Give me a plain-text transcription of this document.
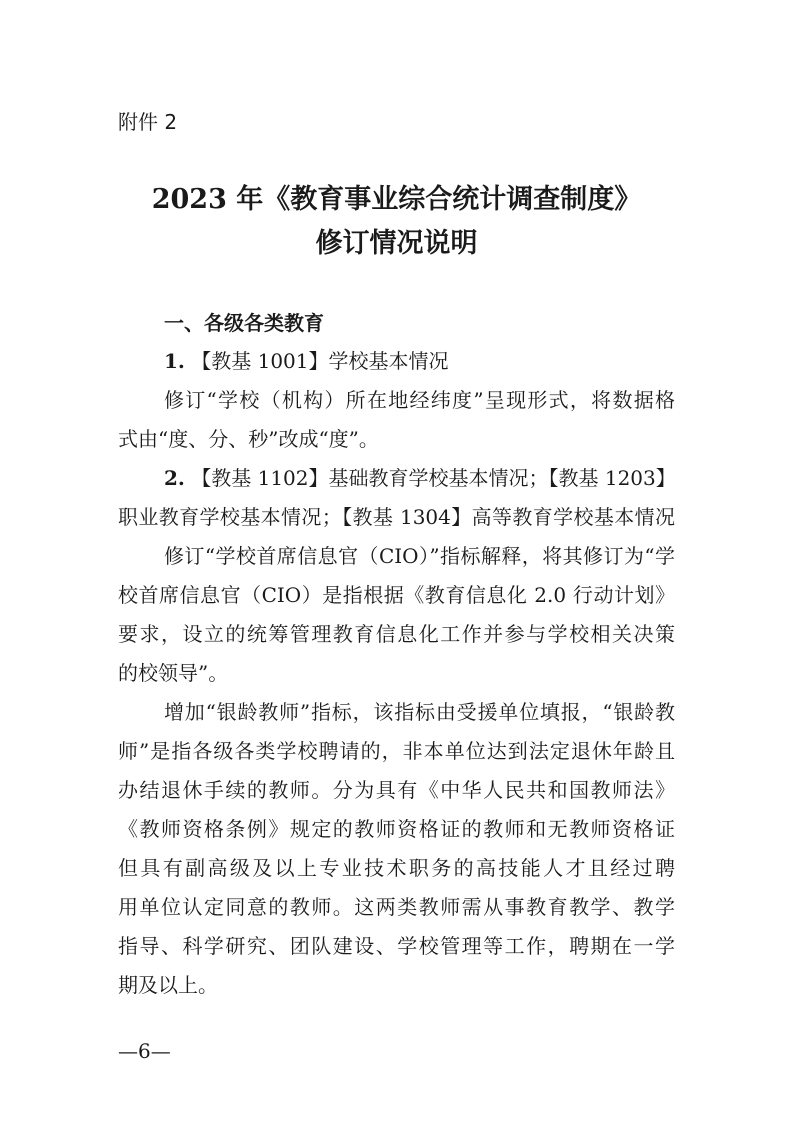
附件 2
2023 年《教育事业综合统计调查制度》
修订情况说明
一、各级各类教育
1. 【教基 1001】学校基本情况
修订“学校（机构）所在地经纬度”呈现形式，将数据格
式由“度、分、秒”改成“度”。
2. 【教基 1102】基础教育学校基本情况；【教基 1203】
职业教育学校基本情况；【教基 1304】高等教育学校基本情况
修订“学校首席信息官（CIO）”指标解释，将其修订为“学
校首席信息官（CIO）是指根据《教育信息化 2.0 行动计划》
要求，设立的统筹管理教育信息化工作并参与学校相关决策
的校领导”。
增加“银龄教师”指标，该指标由受援单位填报，“银龄教
师”是指各级各类学校聘请的，非本单位达到法定退休年龄且
办结退休手续的教师。分为具有《中华人民共和国教师法》
《教师资格条例》规定的教师资格证的教师和无教师资格证
但具有副高级及以上专业技术职务的高技能人才且经过聘
用单位认定同意的教师。这两类教师需从事教育教学、教学
指导、科学研究、团队建设、学校管理等工作，聘期在一学
期及以上。
—6—
